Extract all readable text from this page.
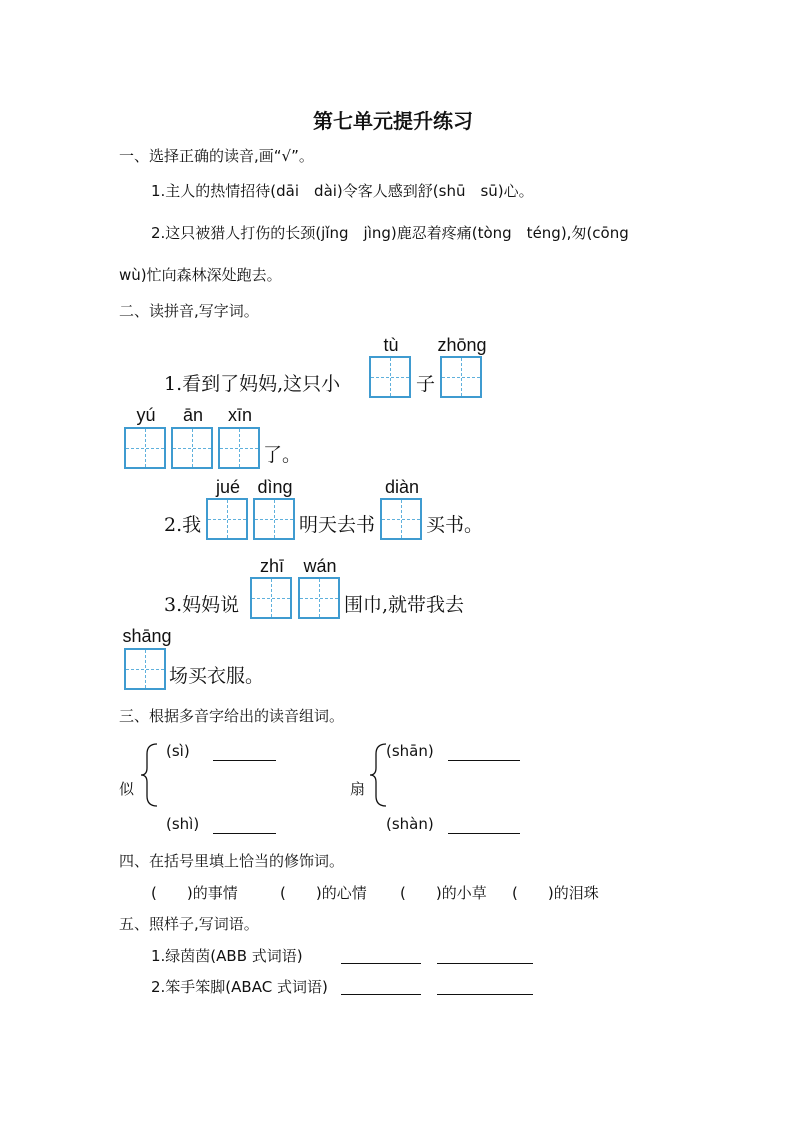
第七单元提升练习
一、选择正确的读音,画“√”。
1.主人的热情招待(dāi　dài)令客人感到舒(shū　sū)心。
2.这只被猎人打伤的长颈(jǐng　jìng)鹿忍着疼痛(tòng　téng),匆(cōng
wù)忙向森林深处跑去。
二、读拼音,写字词。
tù	zhōng
1.看到了妈妈,这只小	子
yú	ān	xīn
了。
jué dìng	diàn
2.我	明天去书	买书。
zhī	wán
3.妈妈说	围巾,就带我去
shāng
场买衣服。
三、根据多音字给出的读音组词。
(sì)
似
(shì)
(shān)
扇
(shàn)
四、在括号里填上恰当的修饰词。
(　　)的事情	(　　)的心情 (　　)的小草 (　　)的泪珠
五、照样子,写词语。
1.绿茵茵(ABB 式词语)
2.笨手笨脚(ABAC 式词语)
